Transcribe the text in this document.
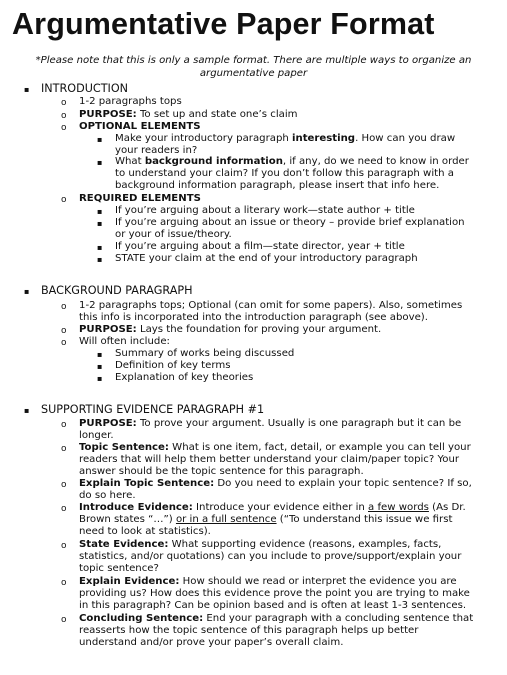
Argumentative Paper Format
*Please note that this is only a sample format. There are multiple ways to organize an argumentative paper
▪ INTRODUCTION
o 1-2 paragraphs tops
o PURPOSE: To set up and state one’s claim
o OPTIONAL ELEMENTS
▪ Make your introductory paragraph interesting. How can you draw
your readers in?
▪ What background information, if any, do we need to know in order
to understand your claim? If you don’t follow this paragraph with a
background information paragraph, please insert that info here.
o REQUIRED ELEMENTS
▪ If you’re arguing about a literary work—state author + title
▪ If you’re arguing about an issue or theory – provide brief explanation
or your of issue/theory.
▪ If you’re arguing about a film—state director, year + title
▪ STATE your claim at the end of your introductory paragraph
▪ BACKGROUND PARAGRAPH
o 1-2 paragraphs tops; Optional (can omit for some papers). Also, sometimes
this info is incorporated into the introduction paragraph (see above).
o PURPOSE: Lays the foundation for proving your argument.
o Will often include:
▪ Summary of works being discussed
▪ Definition of key terms
▪ Explanation of key theories
▪ SUPPORTING EVIDENCE PARAGRAPH #1
o PURPOSE: To prove your argument. Usually is one paragraph but it can be
longer.
o Topic Sentence: What is one item, fact, detail, or example you can tell your
readers that will help them better understand your claim/paper topic? Your
answer should be the topic sentence for this paragraph.
o Explain Topic Sentence: Do you need to explain your topic sentence? If so,
do so here.
o Introduce Evidence: Introduce your evidence either in a few words (As Dr.
Brown states “…”) or in a full sentence (“To understand this issue we first
need to look at statistics).
o State Evidence: What supporting evidence (reasons, examples, facts,
statistics, and/or quotations) can you include to prove/support/explain your
topic sentence?
o Explain Evidence: How should we read or interpret the evidence you are
providing us? How does this evidence prove the point you are trying to make
in this paragraph? Can be opinion based and is often at least 1-3 sentences.
o Concluding Sentence: End your paragraph with a concluding sentence that
reasserts how the topic sentence of this paragraph helps up better
understand and/or prove your paper’s overall claim.
